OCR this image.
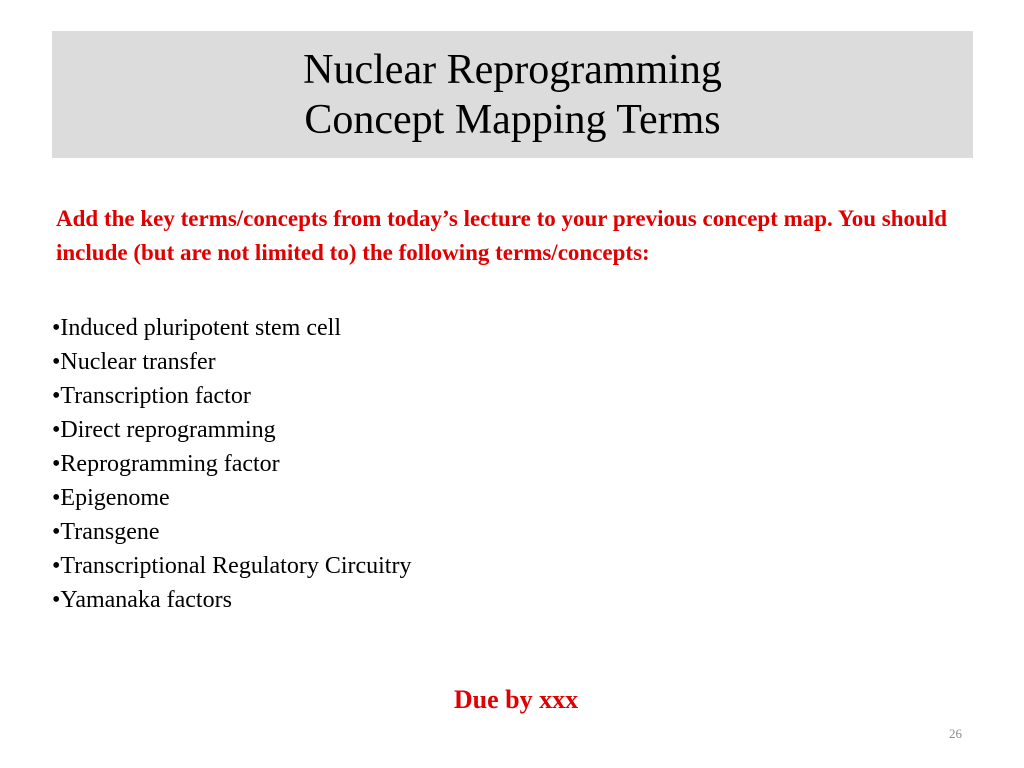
Nuclear Reprogramming
Concept Mapping Terms

Add the key terms/concepts from today’s lecture to your previous concept map. You should include (but are not limited to) the following terms/concepts:

•Induced pluripotent stem cell
•Nuclear transfer
•Transcription factor
•Direct reprogramming
•Reprogramming factor
•Epigenome
•Transgene
•Transcriptional Regulatory Circuitry
•Yamanaka factors
Due by xxx
26
